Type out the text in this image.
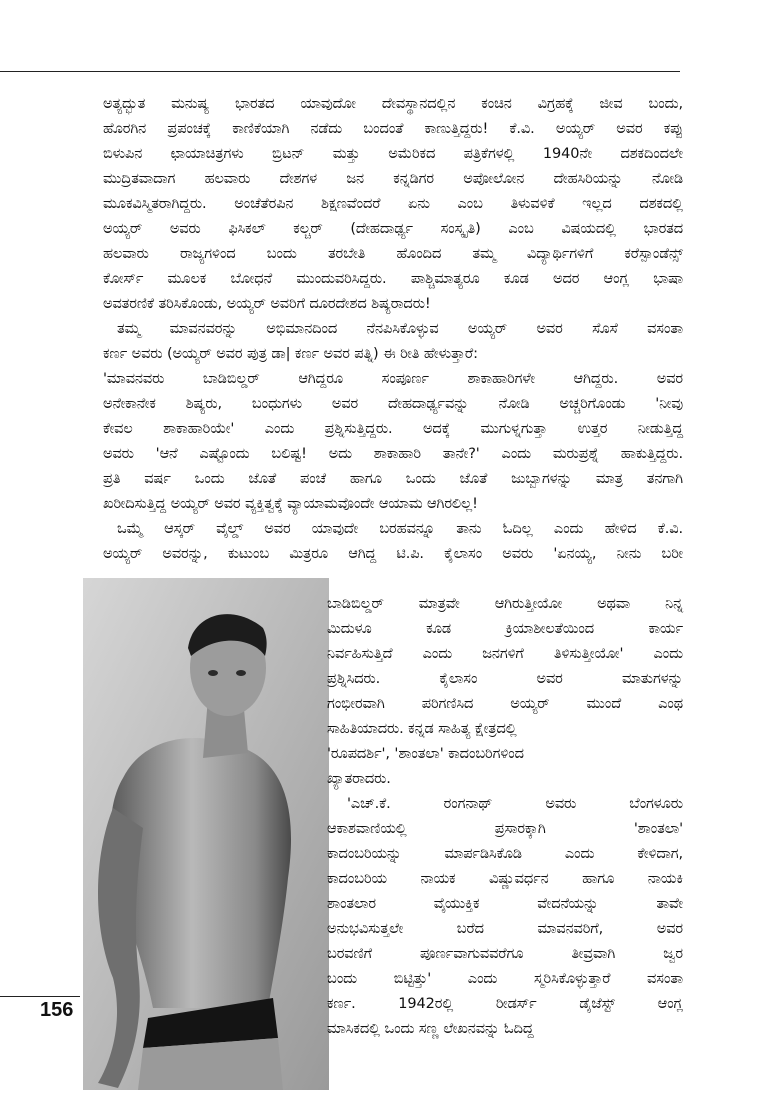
ಅತ್ಯದ್ಭುತ ಮನುಷ್ಯ ಭಾರತದ ಯಾವುದೋ ದೇವಸ್ಥಾನದಲ್ಲಿನ ಕಂಚಿನ ವಿಗ್ರಹಕ್ಕೆ ಜೀವ ಬಂದು,

ಹೊರಗಿನ ಪ್ರಪಂಚಕ್ಕೆ ಕಾಣಿಕೆಯಾಗಿ ನಡೆದು ಬಂದಂತೆ ಕಾಣುತ್ತಿದ್ದರು! ಕೆ.ವಿ. ಅಯ್ಯರ್ ಅವರ ಕಪ್ಪು

ಬಿಳುಪಿನ ಛಾಯಾಚಿತ್ರಗಳು ಬ್ರಿಟನ್ ಮತ್ತು ಅಮೆರಿಕದ ಪತ್ರಿಕೆಗಳಲ್ಲಿ 1940ನೇ ದಶಕದಿಂದಲೇ

ಮುದ್ರಿತವಾದಾಗ ಹಲವಾರು ದೇಶಗಳ ಜನ ಕನ್ನಡಿಗರ ಅಪೋಲೋನ ದೇಹಸಿರಿಯನ್ನು ನೋಡಿ

ಮೂಕವಿಸ್ಮಿತರಾಗಿದ್ದರು. ಅಂಚೆತೆರಪಿನ ಶಿಕ್ಷಣವೆಂದರೆ ಏನು ಎಂಬ ತಿಳುವಳಿಕೆ ಇಲ್ಲದ ದಶಕದಲ್ಲಿ

ಅಯ್ಯರ್ ಅವರು ಫಿಸಿಕಲ್ ಕಲ್ಚರ್ (ದೇಹದಾರ್ಢ್ಯ ಸಂಸ್ಕೃತಿ) ಎಂಬ ವಿಷಯದಲ್ಲಿ ಭಾರತದ

ಹಲವಾರು ರಾಜ್ಯಗಳಿಂದ ಬಂದು ತರಬೇತಿ ಹೊಂದಿದ ತಮ್ಮ ವಿದ್ಯಾರ್ಥಿಗಳಿಗೆ ಕರೆಸ್ಪಾಂಡೆನ್ಸ್

ಕೋರ್ಸ್ ಮೂಲಕ ಬೋಧನೆ ಮುಂದುವರಿಸಿದ್ದರು. ಪಾಶ್ಚಿಮಾತ್ಯರೂ ಕೂಡ ಅದರ ಆಂಗ್ಲ ಭಾಷಾ

ಅವತರಣಿಕೆ ತರಿಸಿಕೊಂಡು, ಅಯ್ಯರ್ ಅವರಿಗೆ ದೂರದೇಶದ ಶಿಷ್ಯರಾದರು!

ತಮ್ಮ ಮಾವನವರನ್ನು ಅಭಿಮಾನದಿಂದ ನೆನಪಿಸಿಕೊಳ್ಳುವ ಅಯ್ಯರ್ ಅವರ ಸೊಸೆ ವಸಂತಾ

ಕರ್ಣ ಅವರು (ಅಯ್ಯರ್ ಅವರ ಪುತ್ರ ಡಾ| ಕರ್ಣ ಅವರ ಪತ್ನಿ) ಈ ರೀತಿ ಹೇಳುತ್ತಾರೆ:

'ಮಾವನವರು ಬಾಡಿಬಿಲ್ಡರ್ ಆಗಿದ್ದರೂ ಸಂಪೂರ್ಣ ಶಾಕಾಹಾರಿಗಳೇ ಆಗಿದ್ದರು. ಅವರ

ಅನೇಕಾನೇಕ ಶಿಷ್ಯರು, ಬಂಧುಗಳು ಅವರ ದೇಹದಾರ್ಢ್ಯವನ್ನು ನೋಡಿ ಅಚ್ಚರಿಗೊಂಡು 'ನೀವು

ಕೇವಲ ಶಾಕಾಹಾರಿಯೇ' ಎಂದು ಪ್ರಶ್ನಿಸುತ್ತಿದ್ದರು. ಅದಕ್ಕೆ ಮುಗುಳ್ನಗುತ್ತಾ ಉತ್ತರ ನೀಡುತ್ತಿದ್ದ

ಅವರು 'ಆನೆ ಎಷ್ಟೊಂದು ಬಲಿಷ್ಟ! ಅದು ಶಾಕಾಹಾರಿ ತಾನೇ?' ಎಂದು ಮರುಪ್ರಶ್ನೆ ಹಾಕುತ್ತಿದ್ದರು.

ಪ್ರತಿ ವರ್ಷ ಒಂದು ಜೊತೆ ಪಂಚೆ ಹಾಗೂ ಒಂದು ಜೊತೆ ಜುಬ್ಬಾಗಳನ್ನು ಮಾತ್ರ ತನಗಾಗಿ

ಖರೀದಿಸುತ್ತಿದ್ದ ಅಯ್ಯರ್ ಅವರ ವ್ಯಕ್ತಿತ್ವಕ್ಕೆ ವ್ಯಾಯಾಮವೊಂದೇ ಆಯಾಮ ಆಗಿರಲಿಲ್ಲ!

ಒಮ್ಮೆ ಆಸ್ಕರ್ ವೈಲ್ಡ್ ಅವರ ಯಾವುದೇ ಬರಹವನ್ನೂ ತಾನು ಓದಿಲ್ಲ ಎಂದು ಹೇಳಿದ ಕೆ.ವಿ.

ಅಯ್ಯರ್ ಅವರನ್ನು, ಕುಟುಂಬ ಮಿತ್ರರೂ ಆಗಿದ್ದ ಟಿ.ಪಿ. ಕೈಲಾಸಂ ಅವರು 'ಏನಯ್ಯ, ನೀನು ಬರೀ

ಬಾಡಿಬಿಲ್ಡರ್ ಮಾತ್ರವೇ ಆಗಿರುತ್ತೀಯೋ ಅಥವಾ ನಿನ್ನ

ಮಿದುಳೂ ಕೂಡ ಕ್ರಿಯಾಶೀಲತೆಯಿಂದ ಕಾರ್ಯ

ನಿರ್ವಹಿಸುತ್ತಿದೆ ಎಂದು ಜನಗಳಿಗೆ ತಿಳಿಸುತ್ತೀಯೋ' ಎಂದು

ಪ್ರಶ್ನಿಸಿದರು. ಕೈಲಾಸಂ ಅವರ ಮಾತುಗಳನ್ನು

ಗಂಭೀರವಾಗಿ ಪರಿಗಣಿಸಿದ ಅಯ್ಯರ್ ಮುಂದೆ ಎಂಥ

ಸಾಹಿತಿಯಾದರು. ಕನ್ನಡ ಸಾಹಿತ್ಯ ಕ್ಷೇತ್ರದಲ್ಲಿ

'ರೂಪದರ್ಶಿ', 'ಶಾಂತಲಾ' ಕಾದಂಬರಿಗಳಿಂದ

ಖ್ಯಾತರಾದರು.

'ಎಚ್.ಕೆ. ರಂಗನಾಥ್ ಅವರು ಬೆಂಗಳೂರು

ಆಕಾಶವಾಣಿಯಲ್ಲಿ ಪ್ರಸಾರಕ್ಕಾಗಿ 'ಶಾಂತಲಾ'

ಕಾದಂಬರಿಯನ್ನು ಮಾರ್ಪಡಿಸಿಕೊಡಿ ಎಂದು ಕೇಳಿದಾಗ,

ಕಾದಂಬರಿಯ ನಾಯಕ ವಿಷ್ಣುವರ್ಧನ ಹಾಗೂ ನಾಯಕಿ

ಶಾಂತಲಾರ ವೈಯುಕ್ತಿಕ ವೇದನೆಯನ್ನು ತಾವೇ

ಅನುಭವಿಸುತ್ತಲೇ ಬರೆದ ಮಾವನವರಿಗೆ, ಅವರ

ಬರವಣಿಗೆ ಪೂರ್ಣವಾಗುವವರೆಗೂ ತೀವ್ರವಾಗಿ ಜ್ವರ

ಬಂದು ಬಿಟ್ಟಿತ್ತು' ಎಂದು ಸ್ಮರಿಸಿಕೊಳ್ಳುತ್ತಾರೆ ವಸಂತಾ

ಕರ್ಣ. 1942ರಲ್ಲಿ ರೀಡರ್ಸ್ ಡೈಜೆಸ್ಟ್ ಆಂಗ್ಲ

ಮಾಸಿಕದಲ್ಲಿ ಒಂದು ಸಣ್ಣ ಲೇಖನವನ್ನು ಓದಿದ್ದ

156
